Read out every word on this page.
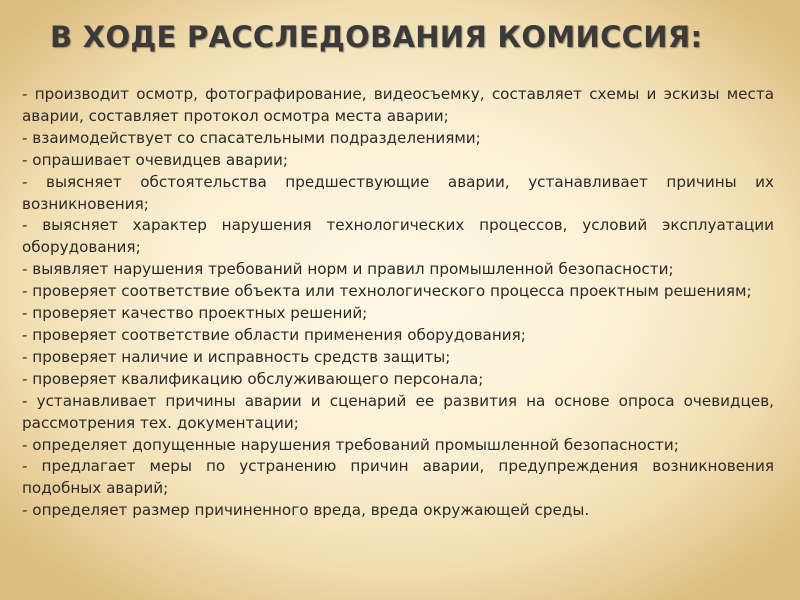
В ХОДЕ РАССЛЕДОВАНИЯ КОМИССИЯ:
- производит осмотр, фотографирование, видеосъемку, составляет схемы и эскизы места аварии, составляет протокол осмотра места аварии;
- взаимодействует со спасательными подразделениями;
- опрашивает очевидцев аварии;
- выясняет обстоятельства предшествующие аварии, устанавливает причины их возникновения;
- выясняет характер нарушения технологических процессов, условий эксплуатации оборудования;
- выявляет нарушения требований норм и правил промышленной безопасности;
- проверяет соответствие объекта или технологического процесса проектным решениям;
- проверяет качество проектных решений;
- проверяет соответствие области применения оборудования;
- проверяет наличие и исправность средств защиты;
- проверяет квалификацию обслуживающего персонала;
- устанавливает причины аварии и сценарий ее развития на основе опроса очевидцев, рассмотрения тех. документации;
- определяет допущенные нарушения требований промышленной безопасности;
- предлагает меры по устранению причин аварии, предупреждения возникновения подобных аварий;
- определяет размер причиненного вреда, вреда окружающей среды.
